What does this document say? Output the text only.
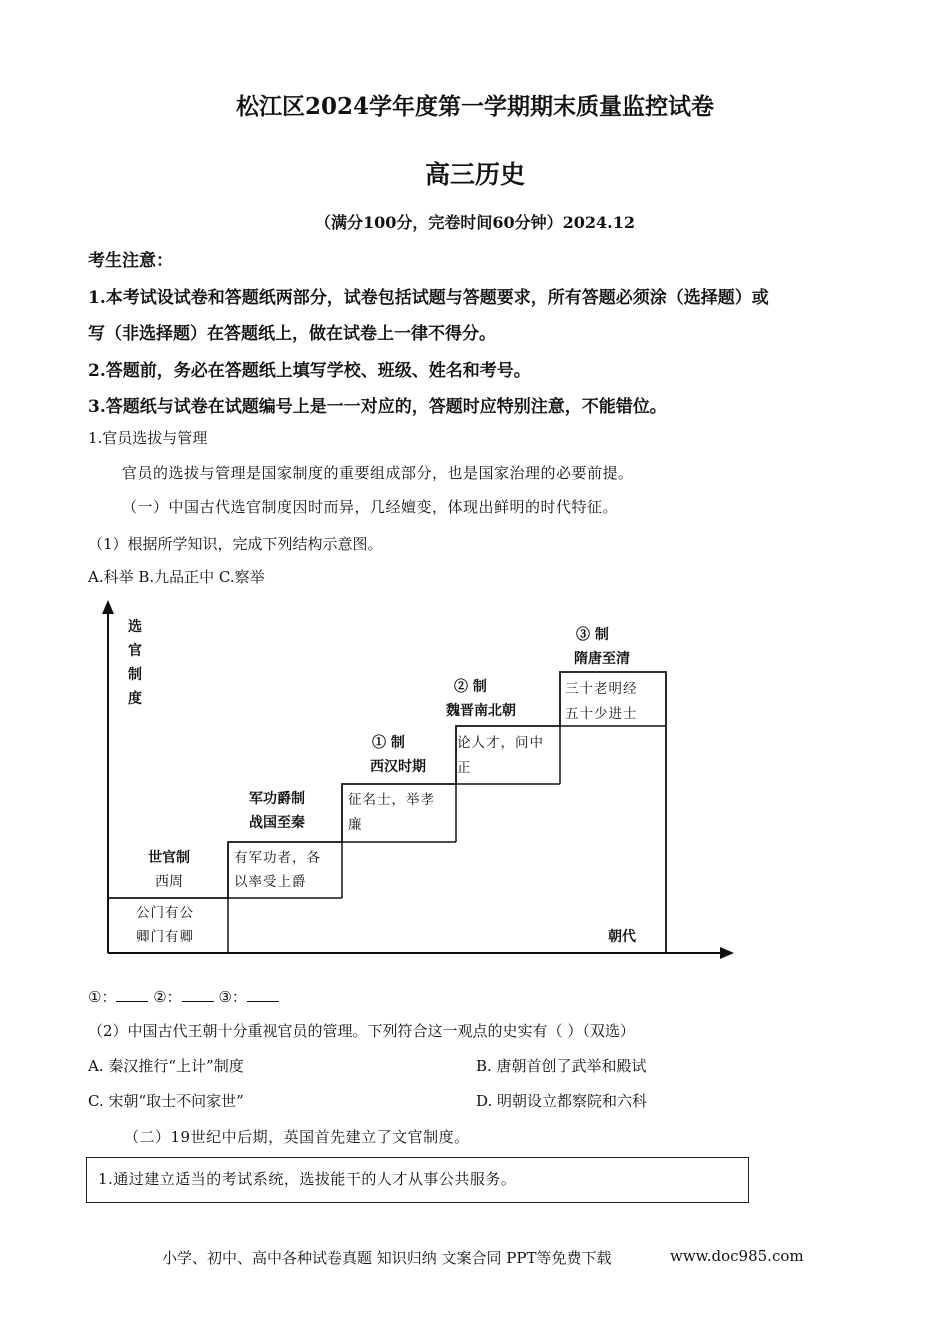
松江区2024学年度第一学期期末质量监控试卷
高三历史
（满分100分，完卷时间60分钟）2024.12
考生注意：
1.本考试设试卷和答题纸两部分，试卷包括试题与答题要求，所有答题必须涂（选择题）或
写（非选择题）在答题纸上，做在试卷上一律不得分。
2.答题前，务必在答题纸上填写学校、班级、姓名和考号。
3.答题纸与试卷在试题编号上是一一对应的，答题时应特别注意，不能错位。
1.官员选拔与管理
官员的选拔与管理是国家制度的重要组成部分，也是国家治理的必要前提。
（一）中国古代选官制度因时而异，几经嬗变，体现出鲜明的时代特征。
（1）根据所学知识，完成下列结构示意图。
A.科举 B.九品正中 C.察举
选
官
制
度
朝代
世官制
西周
公门有公
卿门有卿
军功爵制
战国至秦
有军功者，各
以率受上爵
① 制
西汉时期
征名士，举孝
廉
② 制
魏晋南北朝
论人才，问中
正
③ 制
隋唐至清
三十老明经
五十少进士
①： ②： ③：
（2）中国古代王朝十分重视官员的管理。下列符合这一观点的史实有（ ）（双选）
A. 秦汉推行“上计”制度	B. 唐朝首创了武举和殿试
C. 宋朝“取士不问家世”	D. 明朝设立都察院和六科
（二）19世纪中后期，英国首先建立了文官制度。
1.通过建立适当的考试系统，选拔能干的人才从事公共服务。
小学、初中、高中各种试卷真题 知识归纳 文案合同 PPT等免费下载	www.doc985.com
